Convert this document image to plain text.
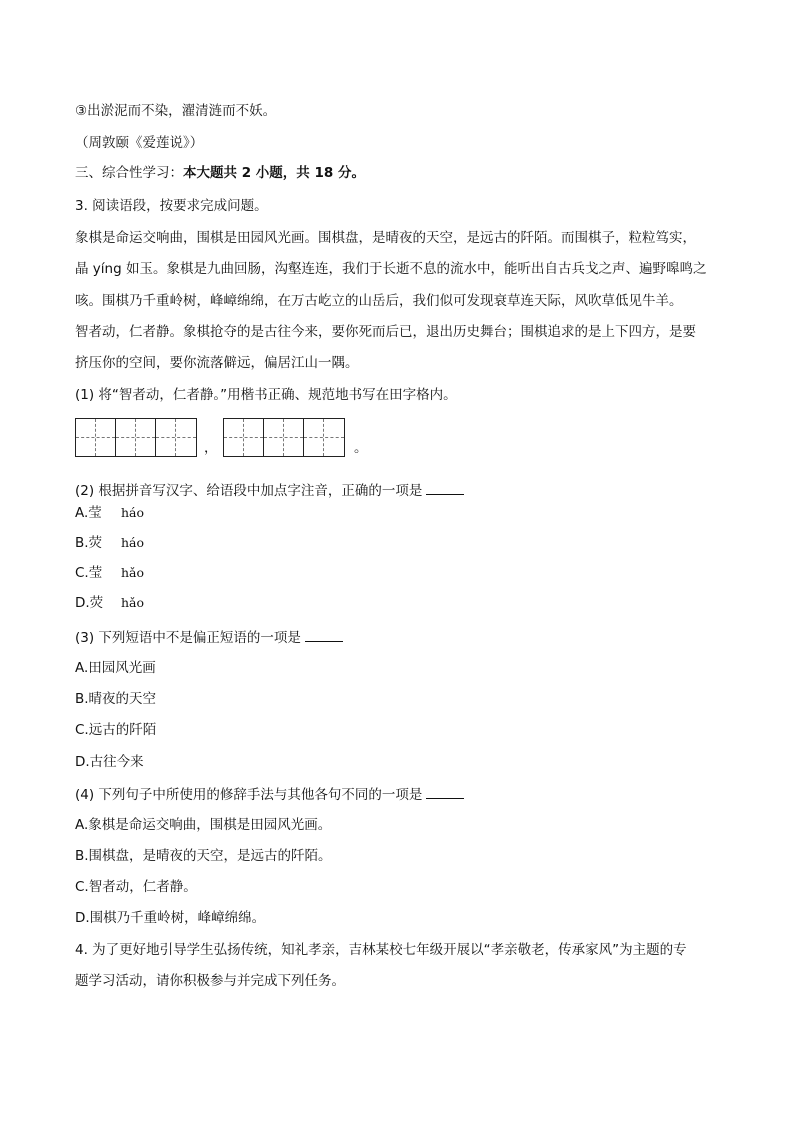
③出淤泥而不染，濯清涟而不妖。
（周敦颐《爱莲说》）
三、综合性学习：本大题共 2 小题，共 18 分。
3. 阅读语段，按要求完成问题。
象棋是命运交响曲，围棋是田园风光画。围棋盘，是晴夜的天空，是远古的阡陌。而围棋子，粒粒笃实，
晶 yíng 如玉。象棋是九曲回肠，沟壑连连，我们于长逝不息的流水中，能听出自古兵戈之声、遍野嗥鸣之
咳。围棋乃千重岭树，峰嶂绵绵，在万古屹立的山岳后，我们似可发现衰草连天际，风吹草低见牛羊。
智者动，仁者静。象棋抢夺的是古往今来，要你死而后已，退出历史舞台；围棋追求的是上下四方，是要
挤压你的空间，要你流落僻远，偏居江山一隅。
(1) 将“智者动，仁者静。”用楷书正确、规范地书写在田字格内。
，	。
(2) 根据拼音写汉字、给语段中加点字注音，正确的一项是
A.莹 háo
B.荧 háo
C.莹 hǎo
D.荧 hǎo
(3) 下列短语中不是偏正短语的一项是
A.田园风光画
B.晴夜的天空
C.远古的阡陌
D.古往今来
(4) 下列句子中所使用的修辞手法与其他各句不同的一项是
A.象棋是命运交响曲，围棋是田园风光画。
B.围棋盘，是晴夜的天空，是远古的阡陌。
C.智者动，仁者静。
D.围棋乃千重岭树，峰嶂绵绵。
4. 为了更好地引导学生弘扬传统，知礼孝亲，吉林某校七年级开展以“孝亲敬老，传承家风”为主题的专
题学习活动，请你积极参与并完成下列任务。
